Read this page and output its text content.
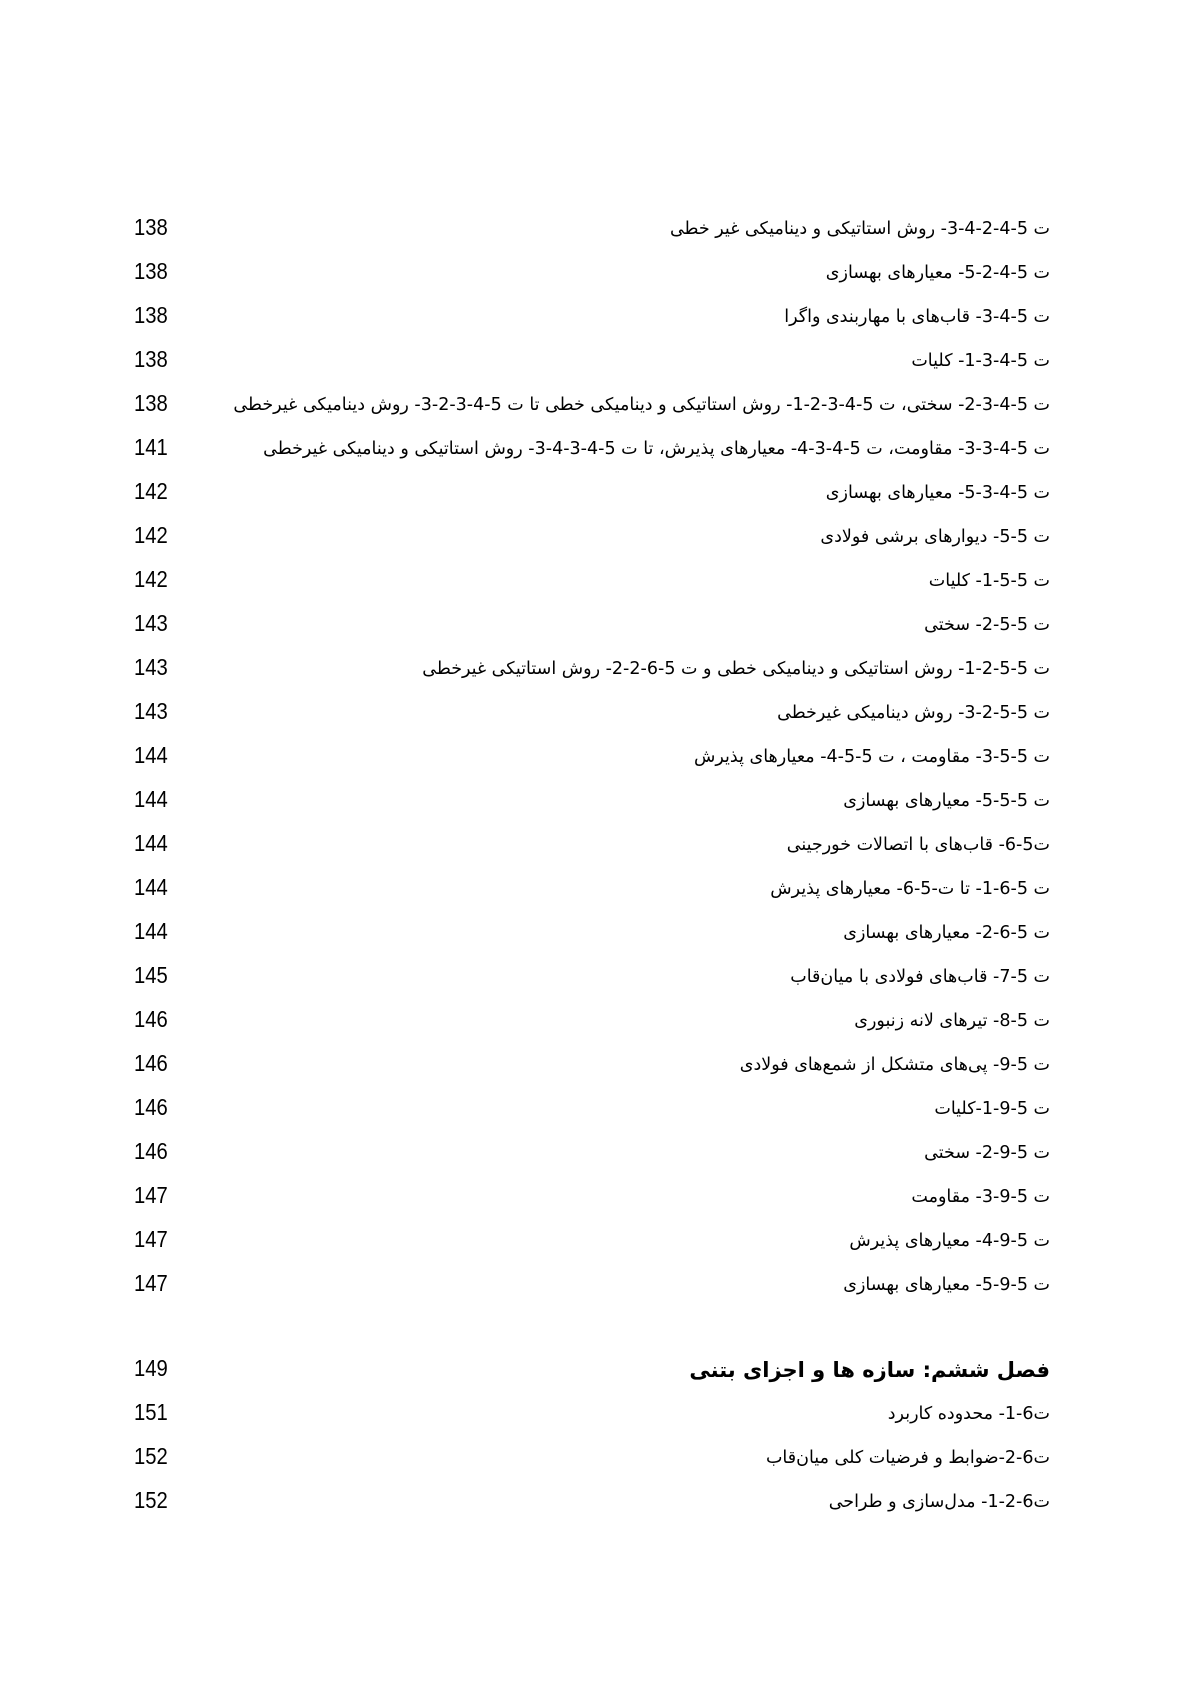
138	ت 5-4-2-4-3- روش استاتیکی و دینامیکی غیر خطی
138	ت 5-4-2-5- معیارهای بهسازی
138	ت 5-4-3- قاب‌های با مهاربندی واگرا
138	ت 5-4-3-1- کلیات
138	ت 5-4-3-2- سختی، ت 5-4-3-2-1- روش استاتیکی و دینامیکی خطی تا ت 5-4-3-2-3- روش دینامیکی غیرخطی
141	ت 5-4-3-3- مقاومت، ت 5-4-3-4- معیارهای پذیرش، تا ت 5-4-3-4-3- روش استاتیکی و دینامیکی غیرخطی
142	ت 5-4-3-5- معیارهای بهسازی
142	ت 5-5- دیوارهای برشی فولادی
142	ت 5-5-1- کلیات
143	ت 5-5-2- سختی
143	ت 5-5-2-1- روش استاتیکی و دینامیکی خطی و ت 5-6-2-2- روش استاتیکی غیرخطی
143	ت 5-5-2-3- روش دینامیکی غیرخطی
144	ت 5-5-3- مقاومت ، ت 5-5-4- معیارهای پذیرش
144	ت 5-5-5- معیارهای بهسازی
144	ت5-6- قاب‌های با اتصالات خورجینی
144	ت 5-6-1- تا ت-5-6- معیارهای پذیرش
144	ت 5-6-2- معیارهای بهسازی
145	ت 5-7- قاب‌های فولادی با میان‌قاب
146	ت 5-8- تیرهای لانه زنبوری
146	ت 5-9- پی‌های متشکل از شمع‌های فولادی
146	ت 5-9-1-کلیات
146	ت 5-9-2- سختی
147	ت 5-9-3- مقاومت
147	ت 5-9-4- معیارهای پذیرش
147	ت 5-9-5- معیارهای بهسازی
149	فصل ششم: سازه ها و اجزای بتنی
151	ت6-1- محدوده کاربرد
152	ت6-2-ضوابط و فرضیات کلی میان‌قاب
152	ت6-2-1- مدل‌سازی و طراحی
